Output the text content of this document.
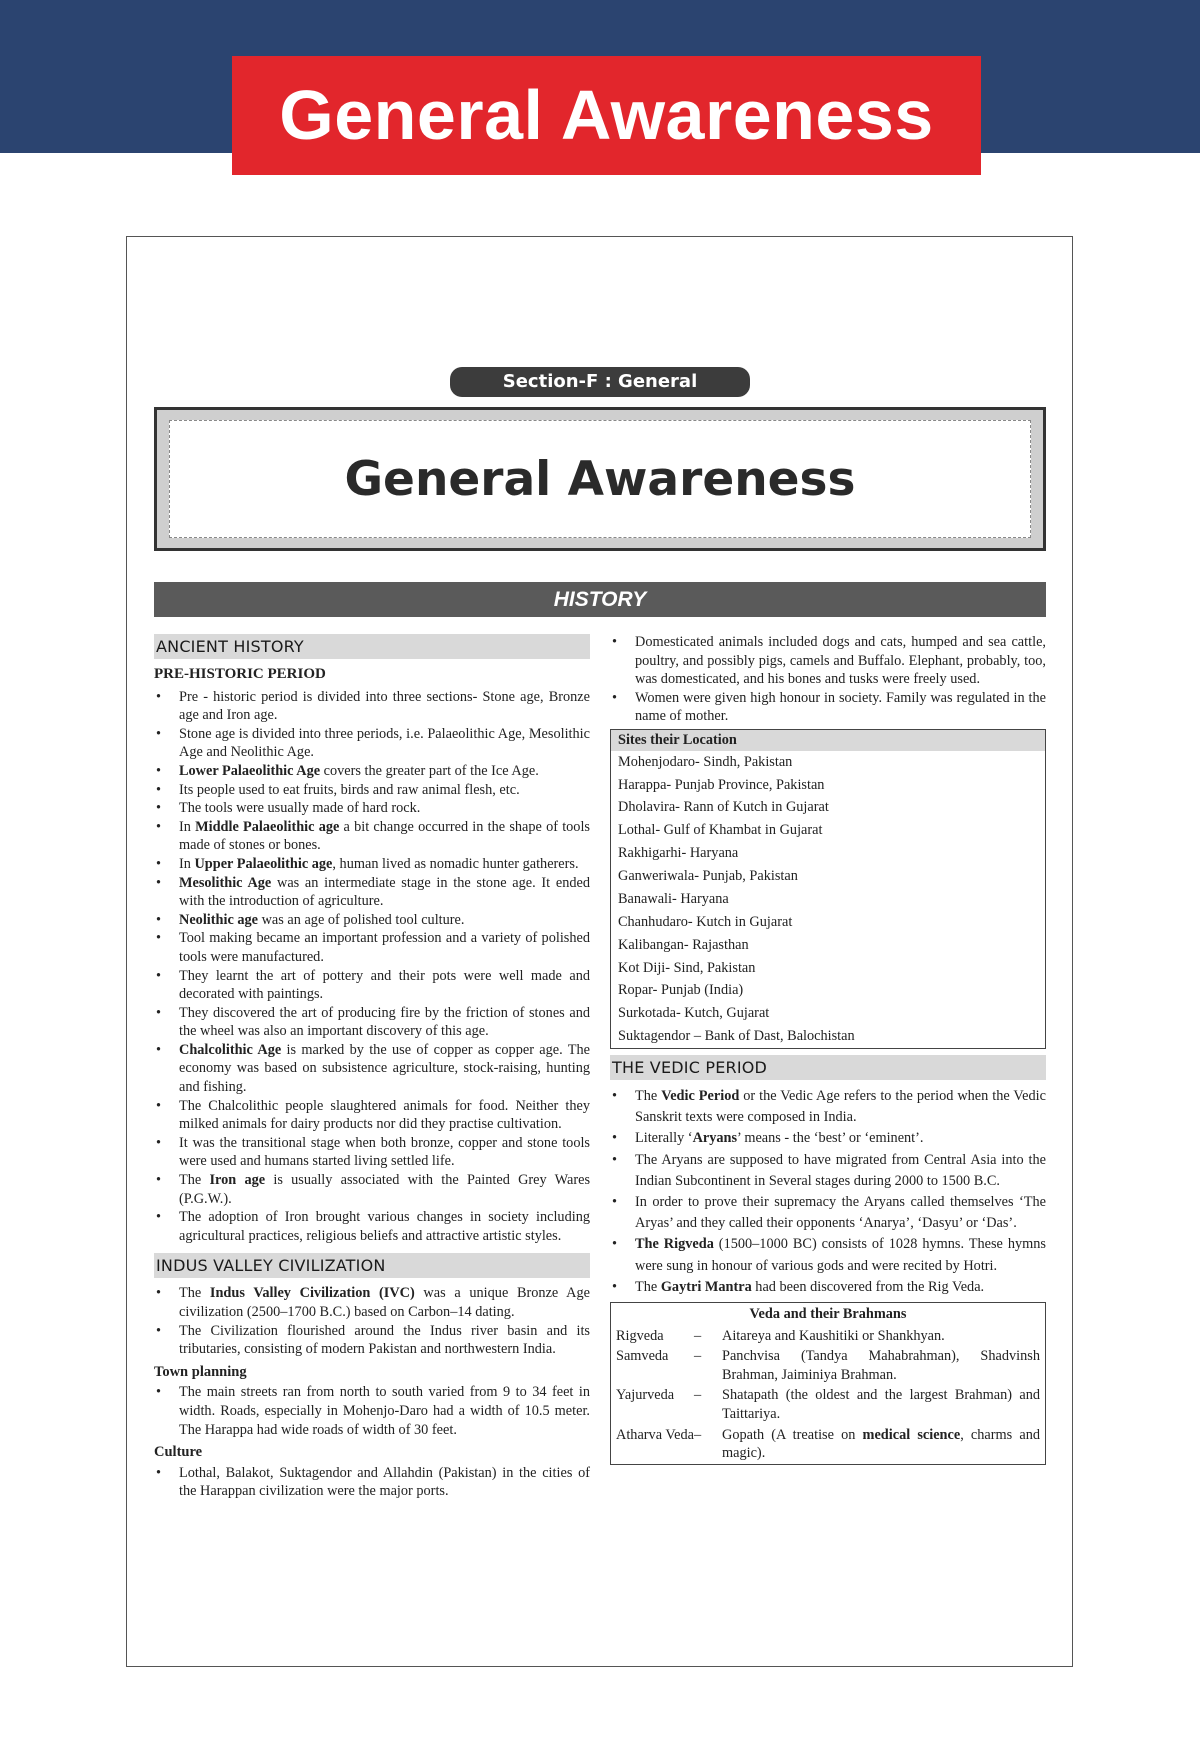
General Awareness
Section-F : General
General Awareness
HISTORY
ANCIENT HISTORY
PRE-HISTORIC PERIOD
• Pre - historic period is divided into three sections- Stone age, Bronze age and Iron age.
• Stone age is divided into three periods, i.e. Palaeolithic Age, Mesolithic Age and Neolithic Age.
• Lower Palaeolithic Age covers the greater part of the Ice Age.
• Its people used to eat fruits, birds and raw animal flesh, etc.
• The tools were usually made of hard rock.
• In Middle Palaeolithic age a bit change occurred in the shape of tools made of stones or bones.
• In Upper Palaeolithic age, human lived as nomadic hunter gatherers.
• Mesolithic Age was an intermediate stage in the stone age. It ended with the introduction of agriculture.
• Neolithic age was an age of polished tool culture.
• Tool making became an important profession and a variety of polished tools were manufactured.
• They learnt the art of pottery and their pots were well made and decorated with paintings.
• They discovered the art of producing fire by the friction of stones and the wheel was also an important discovery of this age.
• Chalcolithic Age is marked by the use of copper as copper age. The economy was based on subsistence agriculture, stock-raising, hunting and fishing.
• The Chalcolithic people slaughtered animals for food. Neither they milked animals for dairy products nor did they practise cultivation.
• It was the transitional stage when both bronze, copper and stone tools were used and humans started living settled life.
• The Iron age is usually associated with the Painted Grey Wares (P.G.W.).
• The adoption of Iron brought various changes in society including agricultural practices, religious beliefs and attractive artistic styles.
INDUS VALLEY CIVILIZATION
• The Indus Valley Civilization (IVC) was a unique Bronze Age civilization (2500–1700 B.C.) based on Carbon–14 dating.
• The Civilization flourished around the Indus river basin and its tributaries, consisting of modern Pakistan and northwestern India.
Town planning
• The main streets ran from north to south varied from 9 to 34 feet in width. Roads, especially in Mohenjo-Daro had a width of 10.5 meter. The Harappa had wide roads of width of 30 feet.
Culture
• Lothal, Balakot, Suktagendor and Allahdin (Pakistan) in the cities of the Harappan civilization were the major ports.
• Domesticated animals included dogs and cats, humped and sea cattle, poultry, and possibly pigs, camels and Buffalo. Elephant, probably, too, was domesticated, and his bones and tusks were freely used.
• Women were given high honour in society. Family was regulated in the name of mother.
Sites their Location
Mohenjodaro- Sindh, Pakistan
Harappa- Punjab Province, Pakistan
Dholavira- Rann of Kutch in Gujarat
Lothal- Gulf of Khambat in Gujarat
Rakhigarhi- Haryana
Ganweriwala- Punjab, Pakistan
Banawali- Haryana
Chanhudaro- Kutch in Gujarat
Kalibangan- Rajasthan
Kot Diji- Sind, Pakistan
Ropar- Punjab (India)
Surkotada- Kutch, Gujarat
Suktagendor – Bank of Dast, Balochistan
THE VEDIC PERIOD
• The Vedic Period or the Vedic Age refers to the period when the Vedic Sanskrit texts were composed in India.
• Literally ‘Aryans’ means - the ‘best’ or ‘eminent’.
• The Aryans are supposed to have migrated from Central Asia into the Indian Subcontinent in Several stages during 2000 to 1500 B.C.
• In order to prove their supremacy the Aryans called themselves ‘The Aryas’ and they called their opponents ‘Anarya’, ‘Dasyu’ or ‘Das’.
• The Rigveda (1500–1000 BC) consists of 1028 hymns. These hymns were sung in honour of various gods and were recited by Hotri.
• The Gaytri Mantra had been discovered from the Rig Veda.
Veda and their Brahmans
Rigveda	–	Aitareya and Kaushitiki or Shankhyan.
Samveda	–	Panchvisa (Tandya Mahabrahman), Shadvinsh Brahman, Jaiminiya Brahman.
Yajurveda	–	Shatapath (the oldest and the largest Brahman) and Taittariya.
Atharva Veda –	Gopath (A treatise on medical science, charms and magic).
